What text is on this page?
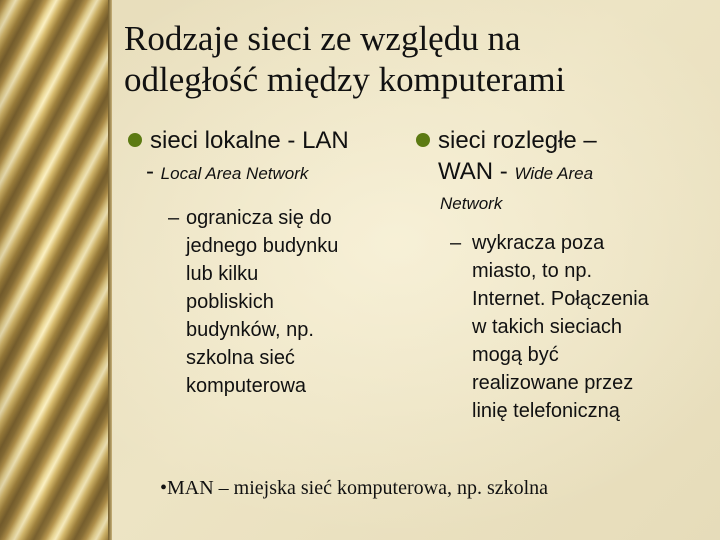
Rodzaje sieci ze względu na
odległość między komputerami
sieci lokalne - LAN
- Local Area Network
– ogranicza się do
jednego budynku
lub kilku
pobliskich
budynków, np.
szkolna sieć
komputerowa
sieci rozległe –
WAN - Wide Area
Network
– wykracza poza
miasto, to np.
Internet. Połączenia
w takich sieciach
mogą być
realizowane przez
linię telefoniczną
•MAN – miejska sieć komputerowa, np. szkolna
